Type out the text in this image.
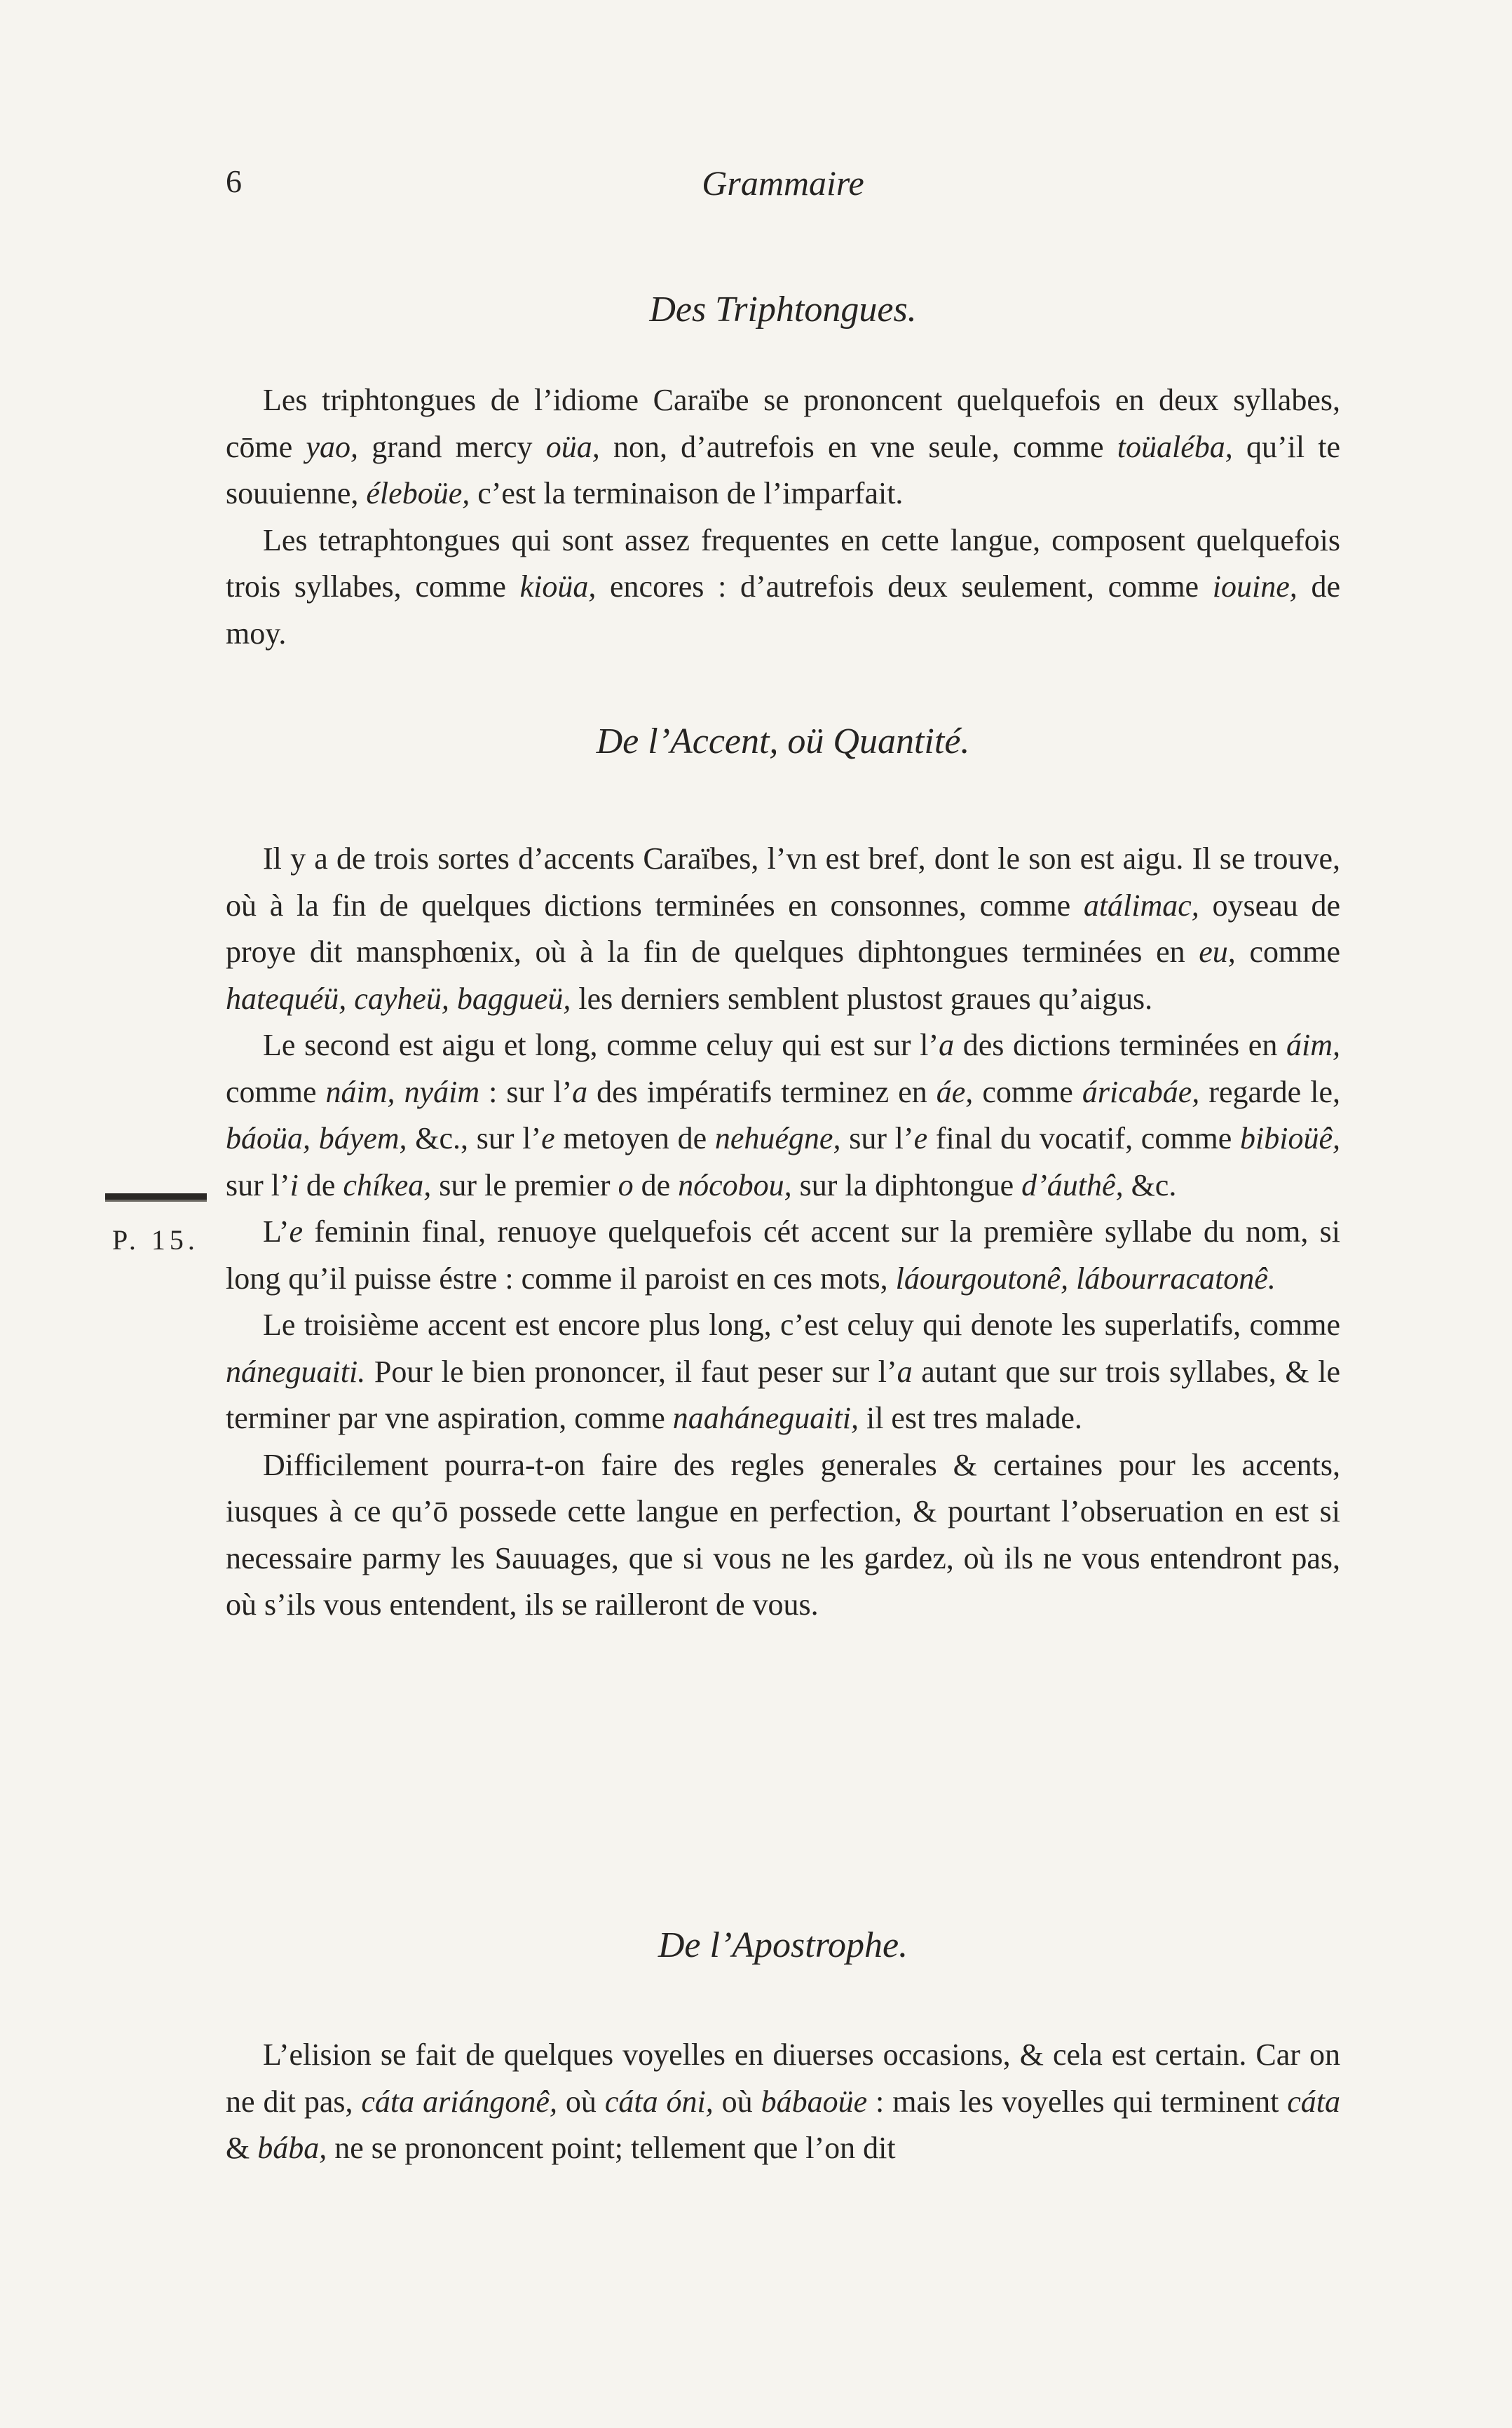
6	Grammaire
Des Triphtongues.

Les triphtongues de l’idiome Caraïbe se prononcent quelquefois en deux syllabes, cōme yao, grand mercy oüa, non, d’autrefois en vne seule, comme toüaléba, qu’il te souuienne, éleboüe, c’est la terminaison de l’imparfait.

Les tetraphtongues qui sont assez frequentes en cette langue, composent quelquefois trois syllabes, comme kioüa, encores : d’autrefois deux seulement, comme iouine, de moy.

De l’Accent, oü Quantité.

Il y a de trois sortes d’accents Caraïbes, l’vn est bref, dont le son est aigu. Il se trouve, où à la fin de quelques dictions terminées en consonnes, comme atálimac, oyseau de proye dit mansphœnix, où à la fin de quelques diphtongues terminées en eu, comme hatequéü, cayheü, baggueü, les derniers semblent plustost graues qu’aigus.

Le second est aigu et long, comme celuy qui est sur l’a des dictions terminées en áim, comme náim, nyáim : sur l’a des impératifs terminez en áe, comme áricabáe, regarde le, báoüa, báyem, &c., sur l’e metoyen de nehuégne, sur l’e final du vocatif, comme bibioüê, sur l’i de chíkea, sur le premier o de nócobou, sur la diphtongue d’áuthê, &c.

L’e feminin final, renuoye quelquefois cét accent sur la première syllabe du nom, si long qu’il puisse éstre : comme il paroist en ces mots, láourgoutonê, lábourracatonê.

Le troisième accent est encore plus long, c’est celuy qui denote les superlatifs, comme náneguaiti. Pour le bien prononcer, il faut peser sur l’a autant que sur trois syllabes, & le terminer par vne aspiration, comme naaháneguaiti, il est tres malade.

Difficilement pourra-t-on faire des regles generales & certaines pour les accents, iusques à ce qu’ō possede cette langue en perfection, & pourtant l’obseruation en est si necessaire parmy les Sauuages, que si vous ne les gardez, où ils ne vous entendront pas, où s’ils vous entendent, ils se railleront de vous.

De l’Apostrophe.

L’elision se fait de quelques voyelles en diuerses occasions, & cela est certain. Car on ne dit pas, cáta ariángonê, où cáta óni, où bábaoüe : mais les voyelles qui terminent cáta & bába, ne se prononcent point; tellement que l’on dit

P. 15.
